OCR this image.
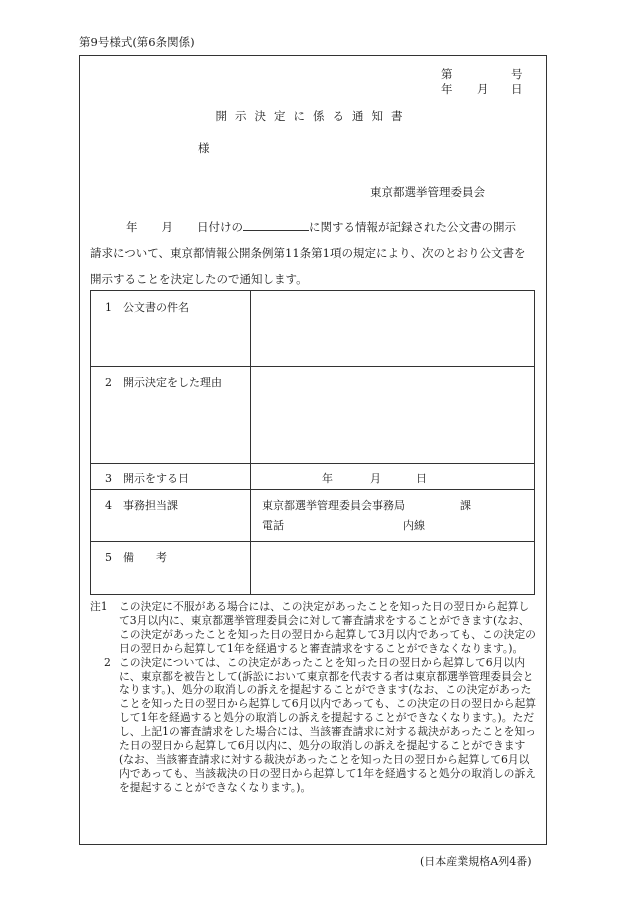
第9号様式(第6条関係)
第	号
年 月 日
開示決定に係る通知書
様
東京都選挙管理委員会
年 月 日付けの	に関する情報が記録された公文書の開示
請求について、東京都情報公開条例第11条第1項の規定により、次のとおり公文書を
開示することを決定したので通知します。
1　公文書の件名
2　開示決定をした理由
3　開示をする日	年	月	日
4　事務担当課	東京都選挙管理委員会事務局	課
電話	内線
5　備　　考
注1 この決定に不服がある場合には、この決定があったことを知った日の翌日から起算して3月以内に、東京都選挙管理委員会に対して審査請求をすることができます(なお、この決定があったことを知った日の翌日から起算して3月以内であっても、この決定の日の翌日から起算して1年を経過すると審査請求をすることができなくなります。)。
2 この決定については、この決定があったことを知った日の翌日から起算して6月以内に、東京都を被告として(訴訟において東京都を代表する者は東京都選挙管理委員会となります。)、処分の取消しの訴えを提起することができます(なお、この決定があったことを知った日の翌日から起算して6月以内であっても、この決定の日の翌日から起算して1年を経過すると処分の取消しの訴えを提起することができなくなります。)。ただし、上記1の審査請求をした場合には、当該審査請求に対する裁決があったことを知った日の翌日から起算して6月以内に、処分の取消しの訴えを提起することができます(なお、当該審査請求に対する裁決があったことを知った日の翌日から起算して6月以内であっても、当該裁決の日の翌日から起算して1年を経過すると処分の取消しの訴えを提起することができなくなります。)。
(日本産業規格A列4番)
